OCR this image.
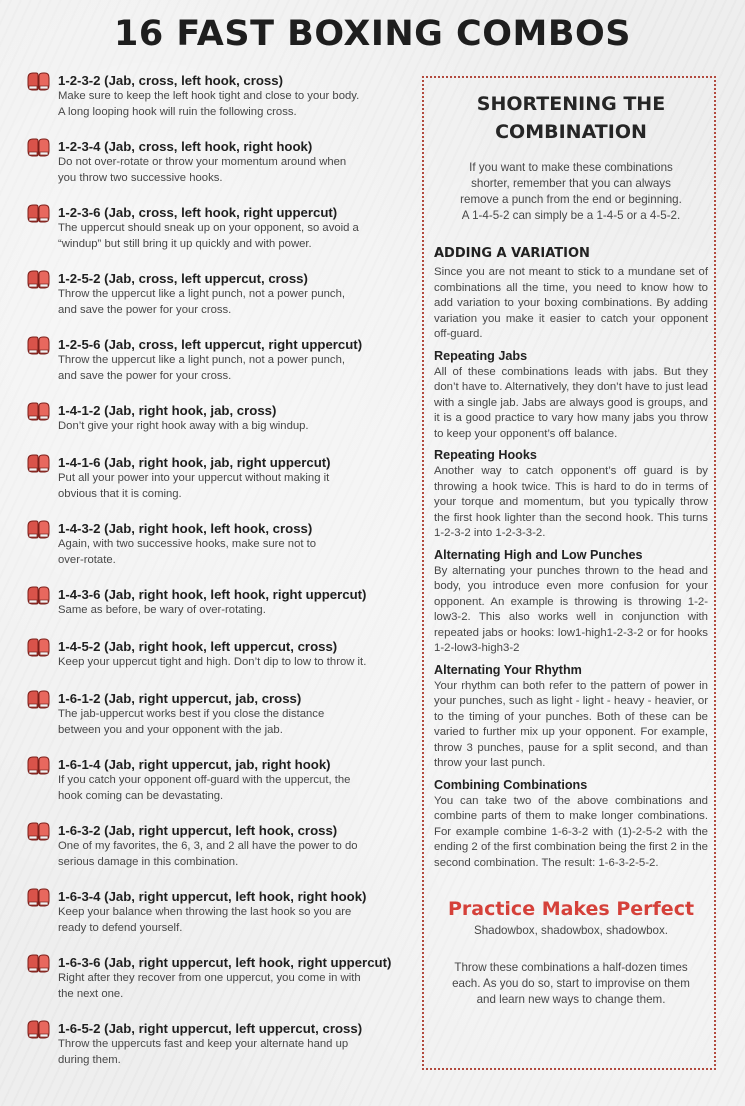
16 FAST BOXING COMBOS
1-2-3-2 (Jab, cross, left hook, cross)

Make sure to keep the left hook tight and close to your body.
A long looping hook will ruin the following cross.

1-2-3-4 (Jab, cross, left hook, right hook)

Do not over-rotate or throw your momentum around when
you throw two successive hooks.

1-2-3-6 (Jab, cross, left hook, right uppercut)

The uppercut should sneak up on your opponent, so avoid a
“windup” but still bring it up quickly and with power.

1-2-5-2 (Jab, cross, left uppercut, cross)

Throw the uppercut like a light punch, not a power punch,
and save the power for your cross.

1-2-5-6 (Jab, cross, left uppercut, right uppercut)

Throw the uppercut like a light punch, not a power punch,
and save the power for your cross.

1-4-1-2 (Jab, right hook, jab, cross)

Don’t give your right hook away with a big windup.

1-4-1-6 (Jab, right hook, jab, right uppercut)

Put all your power into your uppercut without making it
obvious that it is coming.

1-4-3-2 (Jab, right hook, left hook, cross)

Again, with two successive hooks, make sure not to
over-rotate.

1-4-3-6 (Jab, right hook, left hook, right uppercut)

Same as before, be wary of over-rotating.

1-4-5-2 (Jab, right hook, left uppercut, cross)

Keep your uppercut tight and high. Don’t dip to low to throw it.

1-6-1-2 (Jab, right uppercut, jab, cross)

The jab-uppercut works best if you close the distance
between you and your opponent with the jab.

1-6-1-4 (Jab, right uppercut, jab, right hook)

If you catch your opponent off-guard with the uppercut, the
hook coming can be devastating.

1-6-3-2 (Jab, right uppercut, left hook, cross)

One of my favorites, the 6, 3, and 2 all have the power to do
serious damage in this combination.

1-6-3-4 (Jab, right uppercut, left hook, right hook)

Keep your balance when throwing the last hook so you are
ready to defend yourself.

1-6-3-6 (Jab, right uppercut, left hook, right uppercut)

Right after they recover from one uppercut, you come in with
the next one.

1-6-5-2 (Jab, right uppercut, left uppercut, cross)

Throw the uppercuts fast and keep your alternate hand up
during them.

SHORTENING THE
COMBINATION

If you want to make these combinations
shorter, remember that you can always
remove a punch from the end or beginning.
A 1-4-5-2 can simply be a 1-4-5 or a 4-5-2.

ADDING A VARIATION

Since you are not meant to stick to a mundane set of combinations all the time, you need to know how to add variation to your boxing combinations. By adding variation you make it easier to catch your opponent off-guard.

Repeating Jabs

All of these combinations leads with jabs. But they don’t have to. Alternatively, they don’t have to just lead with a single jab. Jabs are always good is groups, and it is a good practice to vary how many jabs you throw to keep your opponent’s off balance.

Repeating Hooks

Another way to catch opponent’s off guard is by throwing a hook twice. This is hard to do in terms of your torque and momentum, but you typically throw the first hook lighter than the second hook. This turns 1-2-3-2 into 1-2-3-3-2.

Alternating High and Low Punches

By alternating your punches thrown to the head and body, you introduce even more confusion for your opponent. An example is throwing is throwing 1-2-low3-2. This also works well in conjunction with repeated jabs or hooks: low1-high1-2-3-2 or for hooks 1-2-low3-high3-2

Alternating Your Rhythm

Your rhythm can both refer to the pattern of power in your punches, such as light - light - heavy - heavier, or to the timing of your punches. Both of these can be varied to further mix up your opponent. For example, throw 3 punches, pause for a split second, and than throw your last punch.

Combining Combinations

You can take two of the above combinations and combine parts of them to make longer combinations. For example combine 1-6-3-2 with (1)-2-5-2 with the ending 2 of the first combination being the first 2 in the second combination. The result: 1-6-3-2-5-2.

Practice Makes Perfect

Shadowbox, shadowbox, shadowbox.

Throw these combinations a half-dozen times
each. As you do so, start to improvise on them
and learn new ways to change them.
